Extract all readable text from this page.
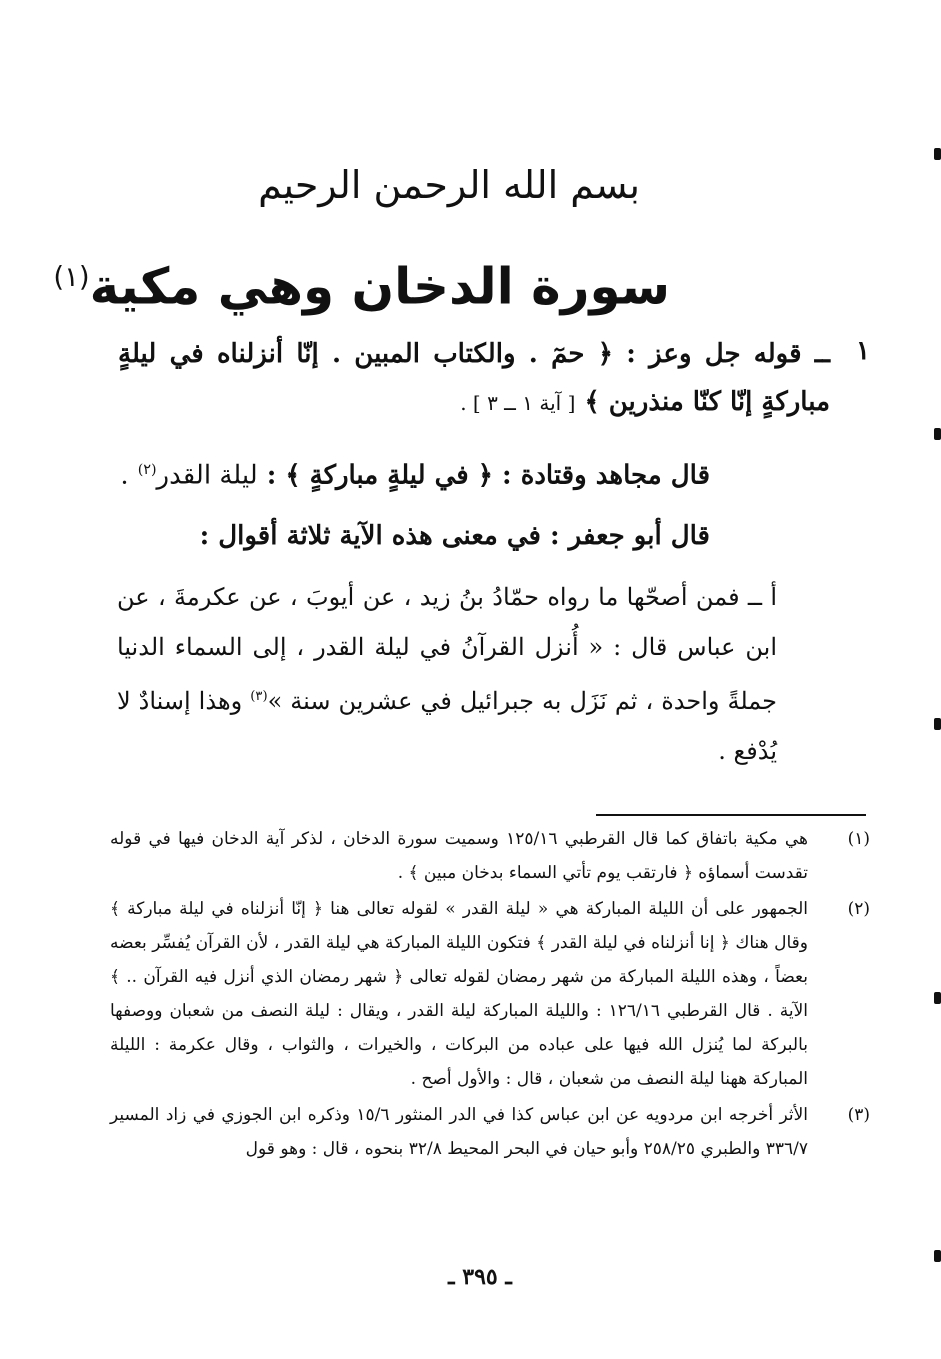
بسم الله الرحمن الرحيم
سورة الدخان وهي مكية$^{(١)}$
١
ــ قوله جل وعز : ﴿ حمٓ . والكتاب المبين . إنّا أنزلناه في ليلةٍ مباركةٍ إنّا كنّا منذرين ﴾ [ آية ١ ــ ٣ ] .
قال مجاهد وقتادة : ﴿ في ليلةٍ مباركةٍ ﴾ : ليلة القدر$^{(٢)}$ .
قال أبو جعفر : في معنى هذه الآية ثلاثة أقوال :
أ ــ فمن أصحّها ما رواه حمّادُ بنُ زيد ، عن أيوبَ ، عن عكرمةَ ، عن ابن عباس قال : « أُنزل القرآنُ في ليلة القدر ، إلى السماء الدنيا جملةً واحدة ، ثم نَزَل به جبرائيل في عشرين سنة »$^{(٣)}$ وهذا إسنادٌ لا يُدْفع .
(١)
هي مكية باتفاق كما قال القرطبي ١٢٥/١٦ وسميت سورة الدخان ، لذكر آية الدخان فيها في قوله تقدست أسماؤه ﴿ فارتقب يوم تأتي السماء بدخان مبين ﴾ .
(٢)
الجمهور على أن الليلة المباركة هي « ليلة القدر » لقوله تعالى هنا ﴿ إنّا أنزلناه في ليلة مباركة ﴾ وقال هناك ﴿ إنا أنزلناه في ليلة القدر ﴾ فتكون الليلة المباركة هي ليلة القدر ، لأن القرآن يُفسِّر بعضه بعضاً ، وهذه الليلة المباركة من شهر رمضان لقوله تعالى ﴿ شهر رمضان الذي أنزل فيه القرآن .. ﴾ الآية . قال القرطبي ١٢٦/١٦ : والليلة المباركة ليلة القدر ، ويقال : ليلة النصف من شعبان ووصفها بالبركة لما يُنزل الله فيها على عباده من البركات ، والخيرات ، والثواب ، وقال عكرمة : الليلة المباركة ههنا ليلة النصف من شعبان ، قال : والأول أصح .
(٣)
الأثر أخرجه ابن مردويه عن ابن عباس كذا في الدر المنثور ١٥/٦ وذكره ابن الجوزي في زاد المسير ٣٣٦/٧ والطبري ٢٥٨/٢٥ وأبو حيان في البحر المحيط ٣٢/٨ بنحوه ، قال : وهو قول
ـ ٣٩٥ ـ
